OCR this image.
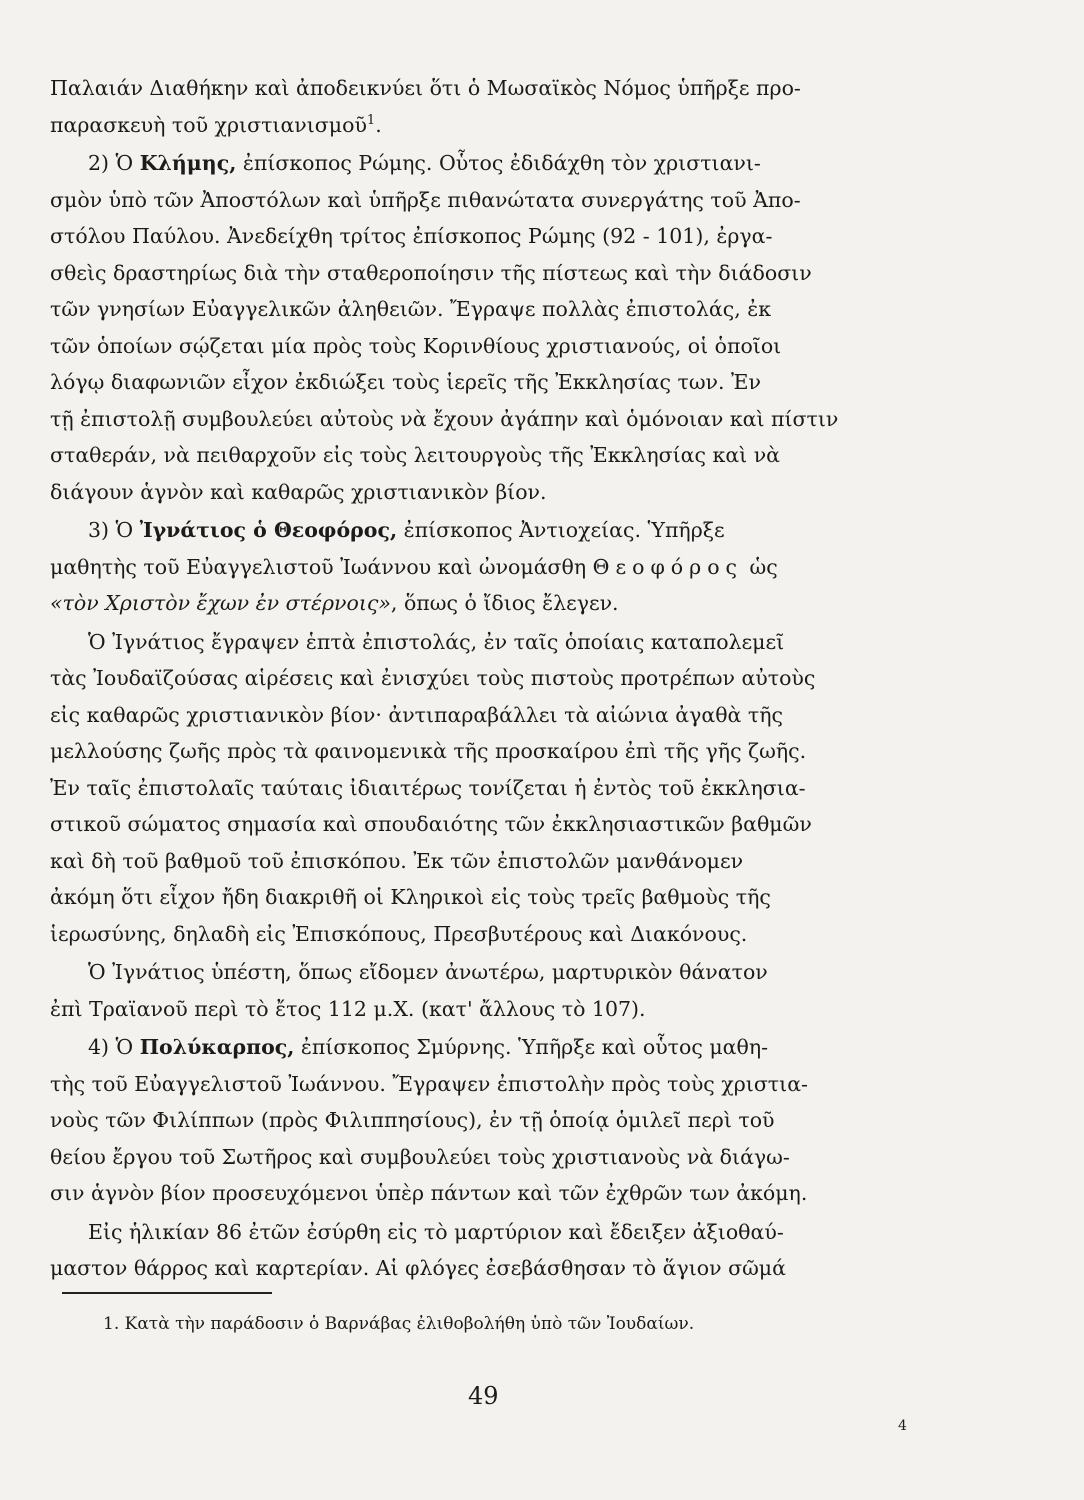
Παλαιάν Διαθήκην καὶ ἀποδεικνύει ὅτι ὁ Μωσαϊκὸς Νόμος ὑπῆρξε προ-
παρασκευὴ τοῦ χριστιανισμοῦ$^1$.
2) Ὁ Κλήμης, ἐπίσκοπος Ρώμης. Οὗτος ἐδιδάχθη τὸν χριστιανι-
σμὸν ὑπὸ τῶν Ἀποστόλων καὶ ὑπῆρξε πιθανώτατα συνεργάτης τοῦ Ἀπο-
στόλου Παύλου. Ἀνεδείχθη τρίτος ἐπίσκοπος Ρώμης (92 - 101), ἐργα-
σθεὶς δραστηρίως διὰ τὴν σταθεροποίησιν τῆς πίστεως καὶ τὴν διάδοσιν
τῶν γνησίων Εὐαγγελικῶν ἀληθειῶν. Ἔγραψε πολλὰς ἐπιστολάς, ἐκ
τῶν ὁποίων σῴζεται μία πρὸς τοὺς Κορινθίους χριστιανούς, οἱ ὁποῖοι
λόγῳ διαφωνιῶν εἶχον ἐκδιώξει τοὺς ἱερεῖς τῆς Ἐκκλησίας των. Ἐν
τῇ ἐπιστολῇ συμβουλεύει αὐτοὺς νὰ ἔχουν ἀγάπην καὶ ὁμόνοιαν καὶ πίστιν
σταθεράν, νὰ πειθαρχοῦν εἰς τοὺς λειτουργοὺς τῆς Ἐκκλησίας καὶ νὰ
διάγουν ἁγνὸν καὶ καθαρῶς χριστιανικὸν βίον.
3) Ὁ Ἰγνάτιος ὁ Θεοφόρος, ἐπίσκοπος Ἀντιοχείας. Ὑπῆρξε
μαθητὴς τοῦ Εὐαγγελιστοῦ Ἰωάννου καὶ ὠνομάσθη Θεοφόρος ὡς
«τὸν Χριστὸν ἔχων ἐν στέρνοις», ὅπως ὁ ἴδιος ἔλεγεν.
Ὁ Ἰγνάτιος ἔγραψεν ἑπτὰ ἐπιστολάς, ἐν ταῖς ὁποίαις καταπολεμεῖ
τὰς Ἰουδαϊζούσας αἱρέσεις καὶ ἐνισχύει τοὺς πιστοὺς προτρέπων αὐτοὺς
εἰς καθαρῶς χριστιανικὸν βίον· ἀντιπαραβάλλει τὰ αἰώνια ἀγαθὰ τῆς
μελλούσης ζωῆς πρὸς τὰ φαινομενικὰ τῆς προσκαίρου ἐπὶ τῆς γῆς ζωῆς.
Ἐν ταῖς ἐπιστολαῖς ταύταις ἰδιαιτέρως τονίζεται ἡ ἐντὸς τοῦ ἐκκλησια-
στικοῦ σώματος σημασία καὶ σπουδαιότης τῶν ἐκκλησιαστικῶν βαθμῶν
καὶ δὴ τοῦ βαθμοῦ τοῦ ἐπισκόπου. Ἐκ τῶν ἐπιστολῶν μανθάνομεν
ἀκόμη ὅτι εἶχον ἤδη διακριθῆ οἱ Κληρικοὶ εἰς τοὺς τρεῖς βαθμοὺς τῆς
ἱερωσύνης, δηλαδὴ εἰς Ἐπισκόπους, Πρεσβυτέρους καὶ Διακόνους.
Ὁ Ἰγνάτιος ὑπέστη, ὅπως εἴδομεν ἀνωτέρω, μαρτυρικὸν θάνατον
ἐπὶ Τραϊανοῦ περὶ τὸ ἔτος 112 μ.Χ. (κατ' ἄλλους τὸ 107).
4) Ὁ Πολύκαρπος, ἐπίσκοπος Σμύρνης. Ὑπῆρξε καὶ οὗτος μαθη-
τὴς τοῦ Εὐαγγελιστοῦ Ἰωάννου. Ἔγραψεν ἐπιστολὴν πρὸς τοὺς χριστια-
νοὺς τῶν Φιλίππων (πρὸς Φιλιππησίους), ἐν τῇ ὁποίᾳ ὁμιλεῖ περὶ τοῦ
θείου ἔργου τοῦ Σωτῆρος καὶ συμβουλεύει τοὺς χριστιανοὺς νὰ διάγω-
σιν ἁγνὸν βίον προσευχόμενοι ὑπὲρ πάντων καὶ τῶν ἐχθρῶν των ἀκόμη.
Εἰς ἡλικίαν 86 ἐτῶν ἐσύρθη εἰς τὸ μαρτύριον καὶ ἔδειξεν ἀξιοθαύ-
μαστον θάρρος καὶ καρτερίαν. Αἱ φλόγες ἐσεβάσθησαν τὸ ἅγιον σῶμά
1. Κατὰ τὴν παράδοσιν ὁ Βαρνάβας ἐλιθοβολήθη ὑπὸ τῶν Ἰουδαίων.
49
4
